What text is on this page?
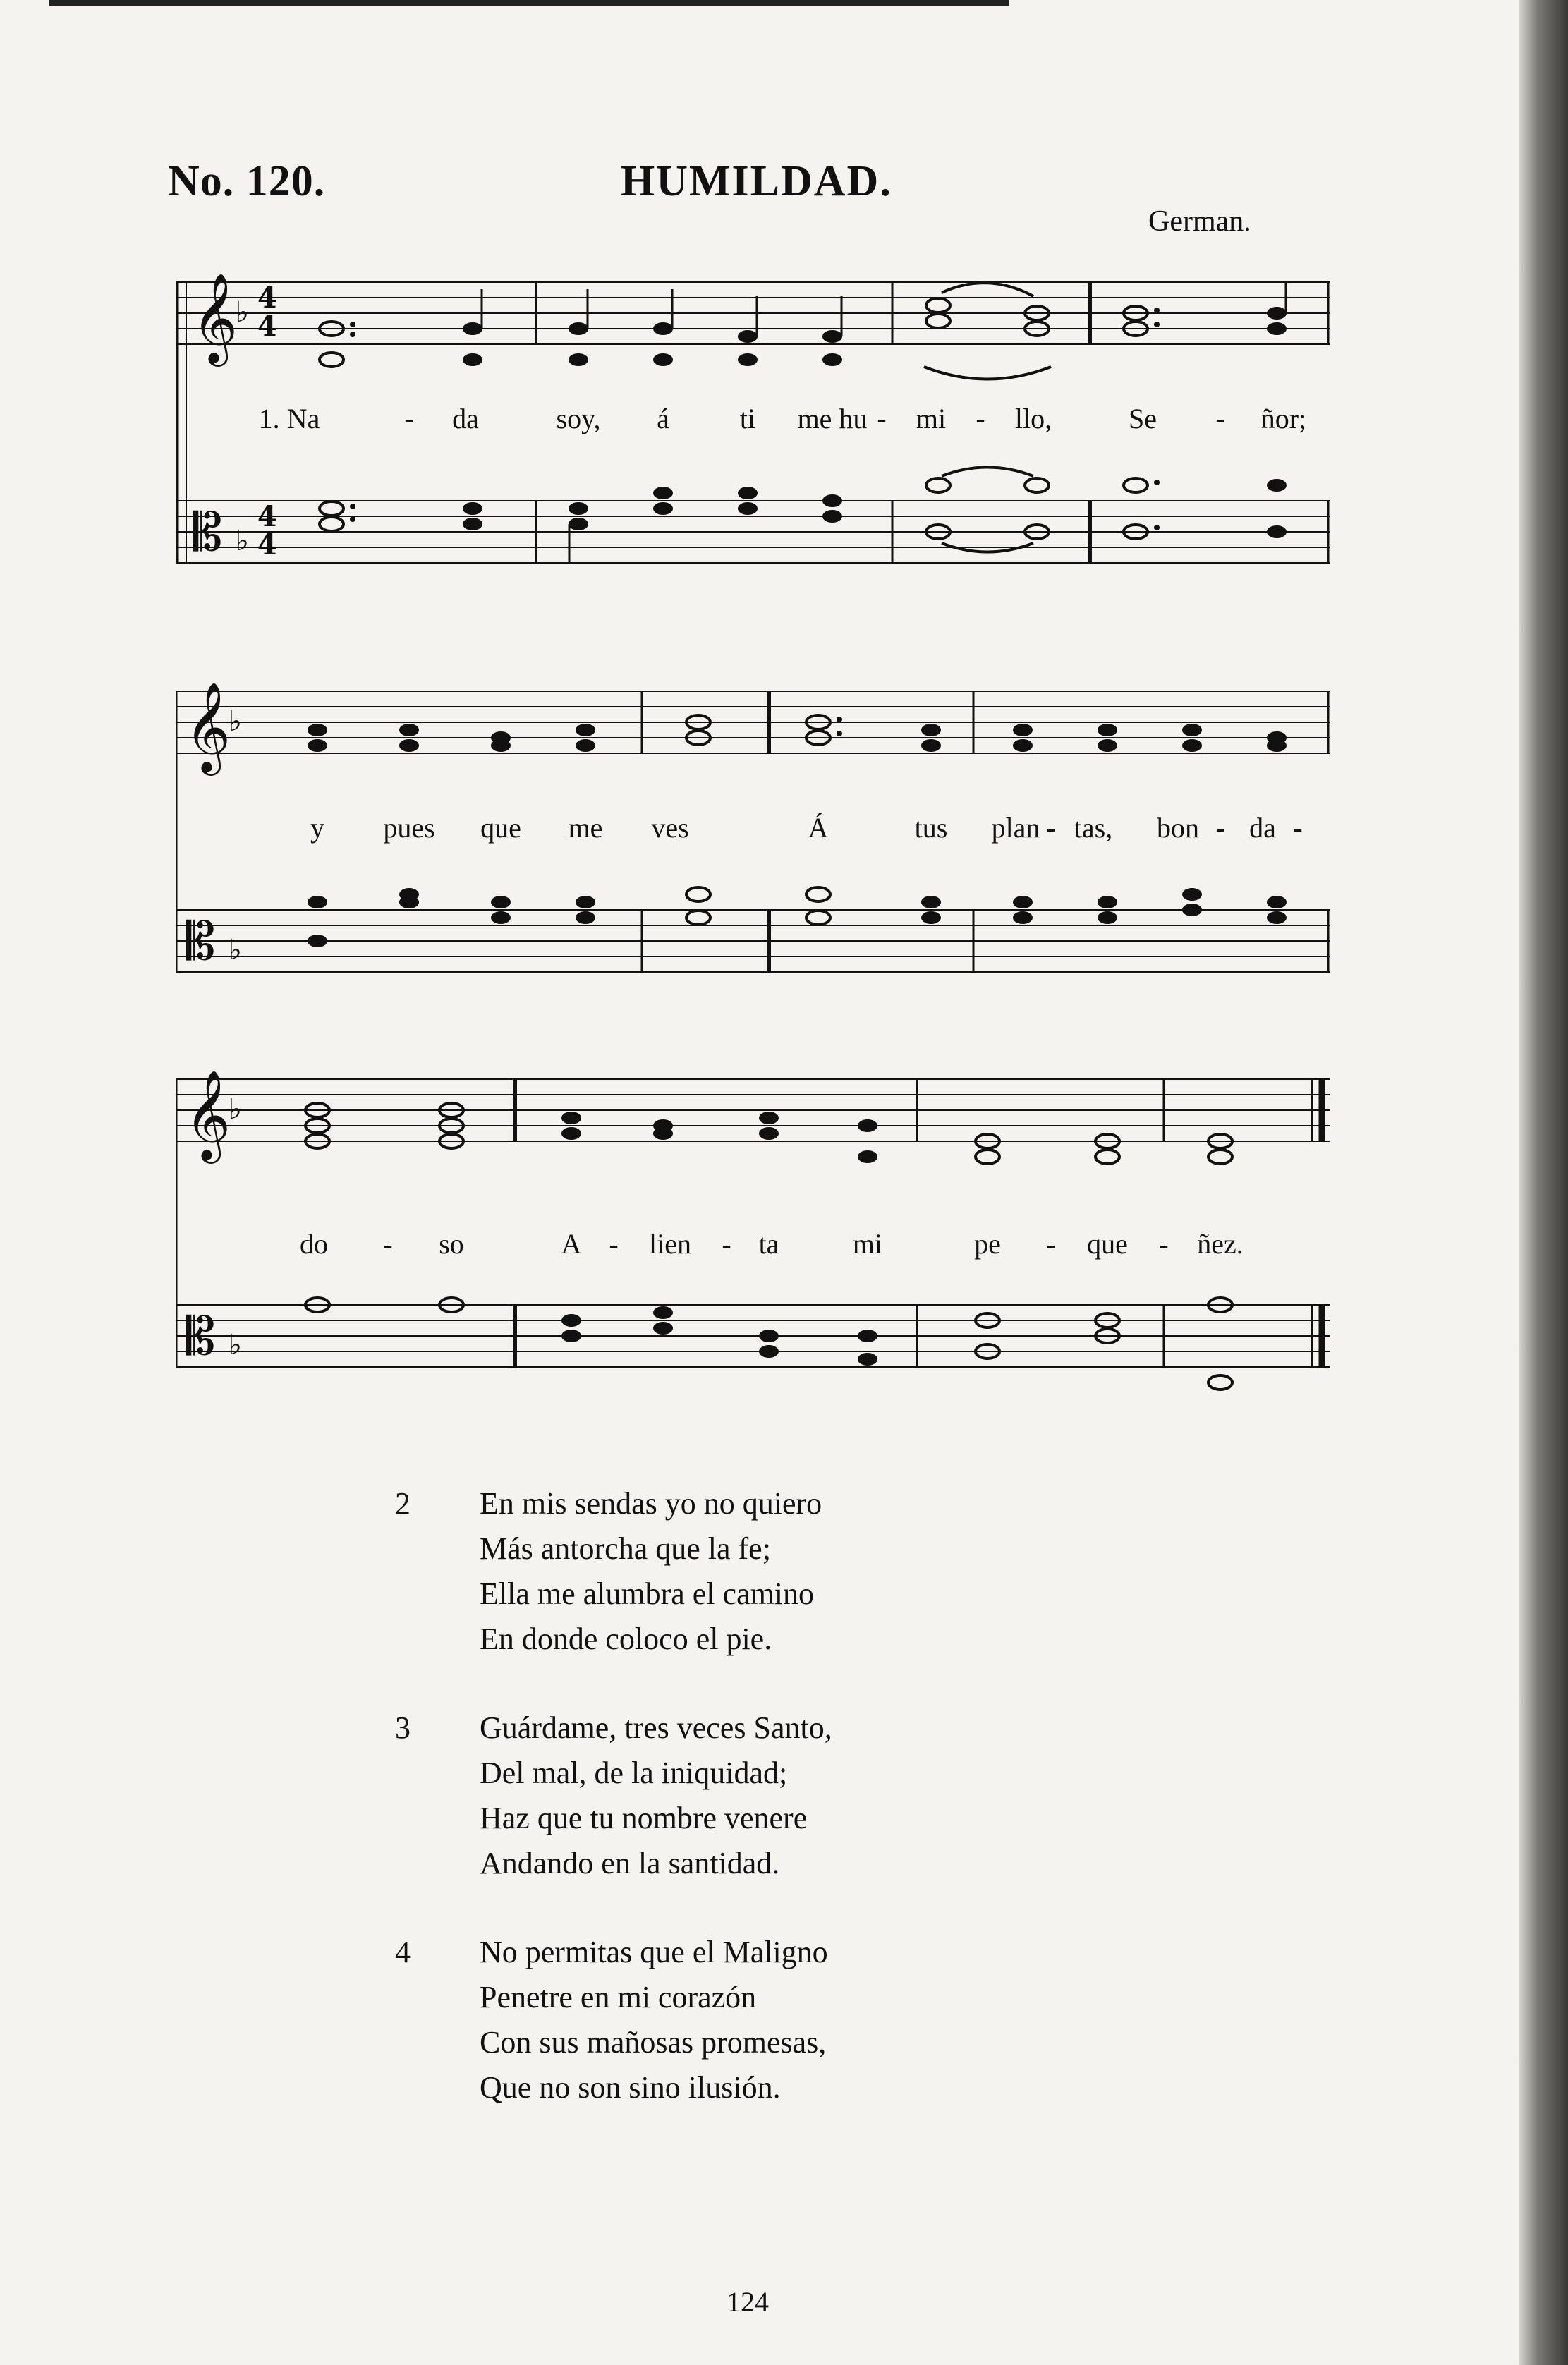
No. 120.	HUMILDAD.
German.
𝄞
♭ 4
4
𝄡 ♭
4
4
1. Na	- da	soy, á	ti me hu - mi - llo,	Se - ñor;
𝄞
♭
𝄡 ♭
y pues que me ves	Á	tus plan - tas, bon - da -
𝄞
♭
𝄡 ♭
do - so	A - lien - ta	mi	pe - que - ñez.
2	En mis sendas yo no quiero
Más antorcha que la fe;
Ella me alumbra el camino
En donde coloco el pie.
3	Guárdame, tres veces Santo,
Del mal, de la iniquidad;
Haz que tu nombre venere
Andando en la santidad.
4	No permitas que el Maligno
Penetre en mi corazón
Con sus mañosas promesas,
Que no son sino ilusión.
124
